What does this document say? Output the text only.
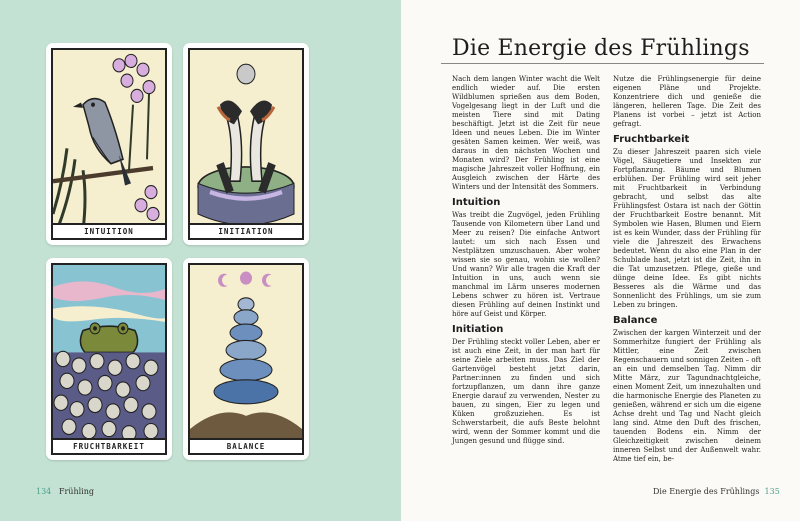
INTUITION	INITIATION
FRUCHTBARKEIT	BALANCE
134 Frühling
Die Energie des Frühlings

Nach dem langen Winter wacht die Welt endlich wieder auf. Die ersten Wildblumen sprießen aus dem Boden, Vogelgesang liegt in der Luft und die meisten Tiere sind mit Dating beschäftigt. Jetzt ist die Zeit für neue Ideen und neues Leben. Die im Winter gesäten Samen keimen. Wer weiß, was daraus in den nächsten Wochen und Monaten wird? Der Frühling ist eine magische Jahreszeit voller Hoffnung, ein Ausgleich zwischen der Härte des Winters und der Intensität des Sommers.

Intuition

Was treibt die Zugvögel, jeden Frühling Tausende von Kilometern über Land und Meer zu reisen? Die einfache Antwort lautet: um sich nach Essen und Nestplätzen umzuschauen. Aber woher wissen sie so genau, wohin sie wollen? Und wann? Wir alle tragen die Kraft der Intuition in uns, auch wenn sie manchmal im Lärm unseres modernen Lebens schwer zu hören ist. Vertraue diesen Frühling auf deinen Instinkt und höre auf Geist und Körper.

Initiation

Der Frühling steckt voller Leben, aber er ist auch eine Zeit, in der man hart für seine Ziele arbeiten muss. Das Ziel der Gartenvögel besteht jetzt darin, Partner:innen zu finden und sich fortzupflanzen, um dann ihre ganze Energie darauf zu verwenden, Nester zu bauen, zu singen, Eier zu legen und Küken großzuziehen. Es ist Schwerstarbeit, die aufs Beste belohnt wird, wenn der Sommer kommt und die Jungen gesund und flügge sind.

Nutze die Frühlingsenergie für deine eigenen Pläne und Projekte. Konzentriere dich und genieße die längeren, helleren Tage. Die Zeit des Planens ist vorbei – jetzt ist Action gefragt.

Fruchtbarkeit

Zu dieser Jahreszeit paaren sich viele Vögel, Säugetiere und Insekten zur Fortpflanzung. Bäume und Blumen erblühen. Der Frühling wird seit jeher mit Fruchtbarkeit in Verbindung gebracht, und selbst das alte Frühlingsfest Ostara ist nach der Göttin der Fruchtbarkeit Eostre benannt. Mit Symbolen wie Hasen, Blumen und Eiern ist es kein Wunder, dass der Frühling für viele die Jahreszeit des Erwachens bedeutet. Wenn du also eine Plan in der Schublade hast, jetzt ist die Zeit, ihn in die Tat umzusetzen. Pflege, gieße und dünge deine Idee. Es gibt nichts Besseres als die Wärme und das Sonnenlicht des Frühlings, um sie zum Leben zu bringen.

Balance

Zwischen der kargen Winterzeit und der Sommerhitze fungiert der Frühling als Mittler, eine Zeit zwischen Regenschauern und sonnigen Zeiten – oft an ein und demselben Tag. Nimm dir Mitte März, zur Tagundnachtgleiche, einen Moment Zeit, um innezuhalten und die harmonische Energie des Planeten zu genießen, während er sich um die eigene Achse dreht und Tag und Nacht gleich lang sind. Atme den Duft des frischen, tauenden Bodens ein. Nimm der Gleichzeitigkeit zwischen deinem inneren Selbst und der Außenwelt wahr. Atme tief ein, be-

Die Energie des Frühlings 135
